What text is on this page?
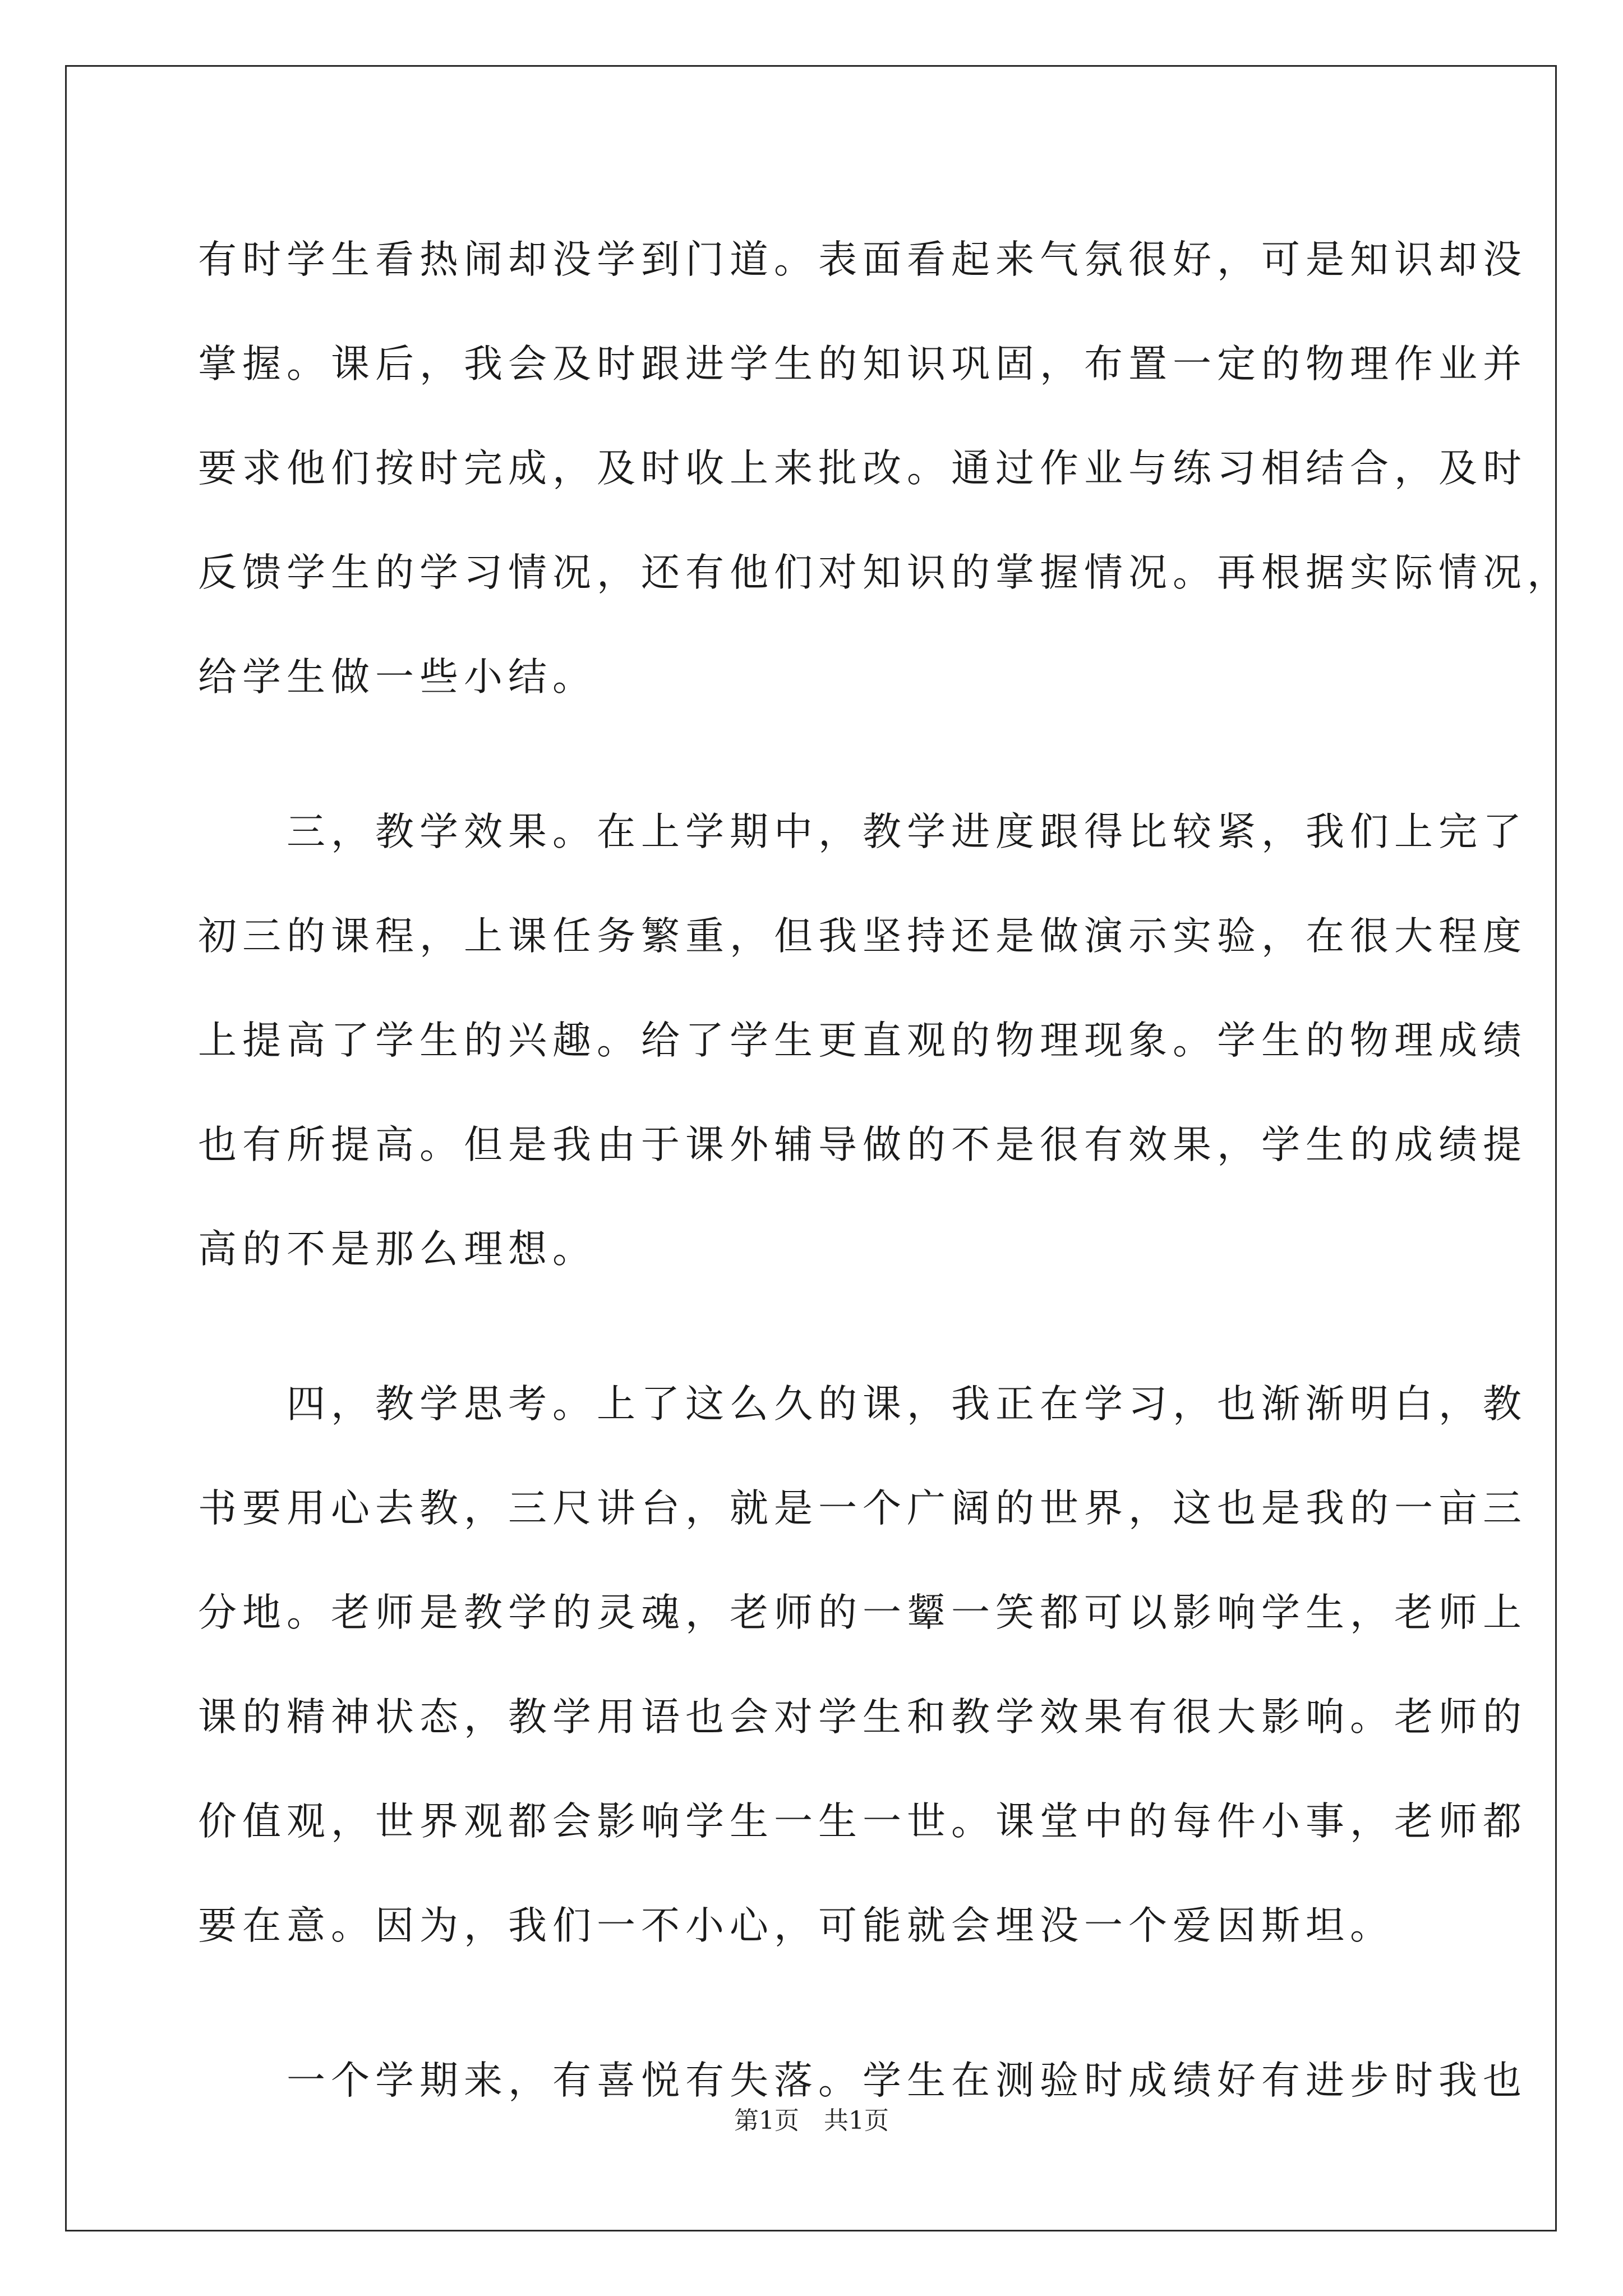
有时学生看热闹却没学到门道。表面看起来气氛很好，可是知识却没
掌握。课后，我会及时跟进学生的知识巩固，布置一定的物理作业并
要求他们按时完成，及时收上来批改。通过作业与练习相结合，及时
反馈学生的学习情况，还有他们对知识的掌握情况。再根据实际情况，
给学生做一些小结。
　　三，教学效果。在上学期中，教学进度跟得比较紧，我们上完了
初三的课程，上课任务繁重，但我坚持还是做演示实验，在很大程度
上提高了学生的兴趣。给了学生更直观的物理现象。学生的物理成绩
也有所提高。但是我由于课外辅导做的不是很有效果，学生的成绩提
高的不是那么理想。
　　四，教学思考。上了这么久的课，我正在学习，也渐渐明白，教
书要用心去教，三尺讲台，就是一个广阔的世界，这也是我的一亩三
分地。老师是教学的灵魂，老师的一颦一笑都可以影响学生，老师上
课的精神状态，教学用语也会对学生和教学效果有很大影响。老师的
价值观，世界观都会影响学生一生一世。课堂中的每件小事，老师都
要在意。因为，我们一不小心，可能就会埋没一个爱因斯坦。
　　一个学期来，有喜悦有失落。学生在测验时成绩好有进步时我也
第1页　共1页
